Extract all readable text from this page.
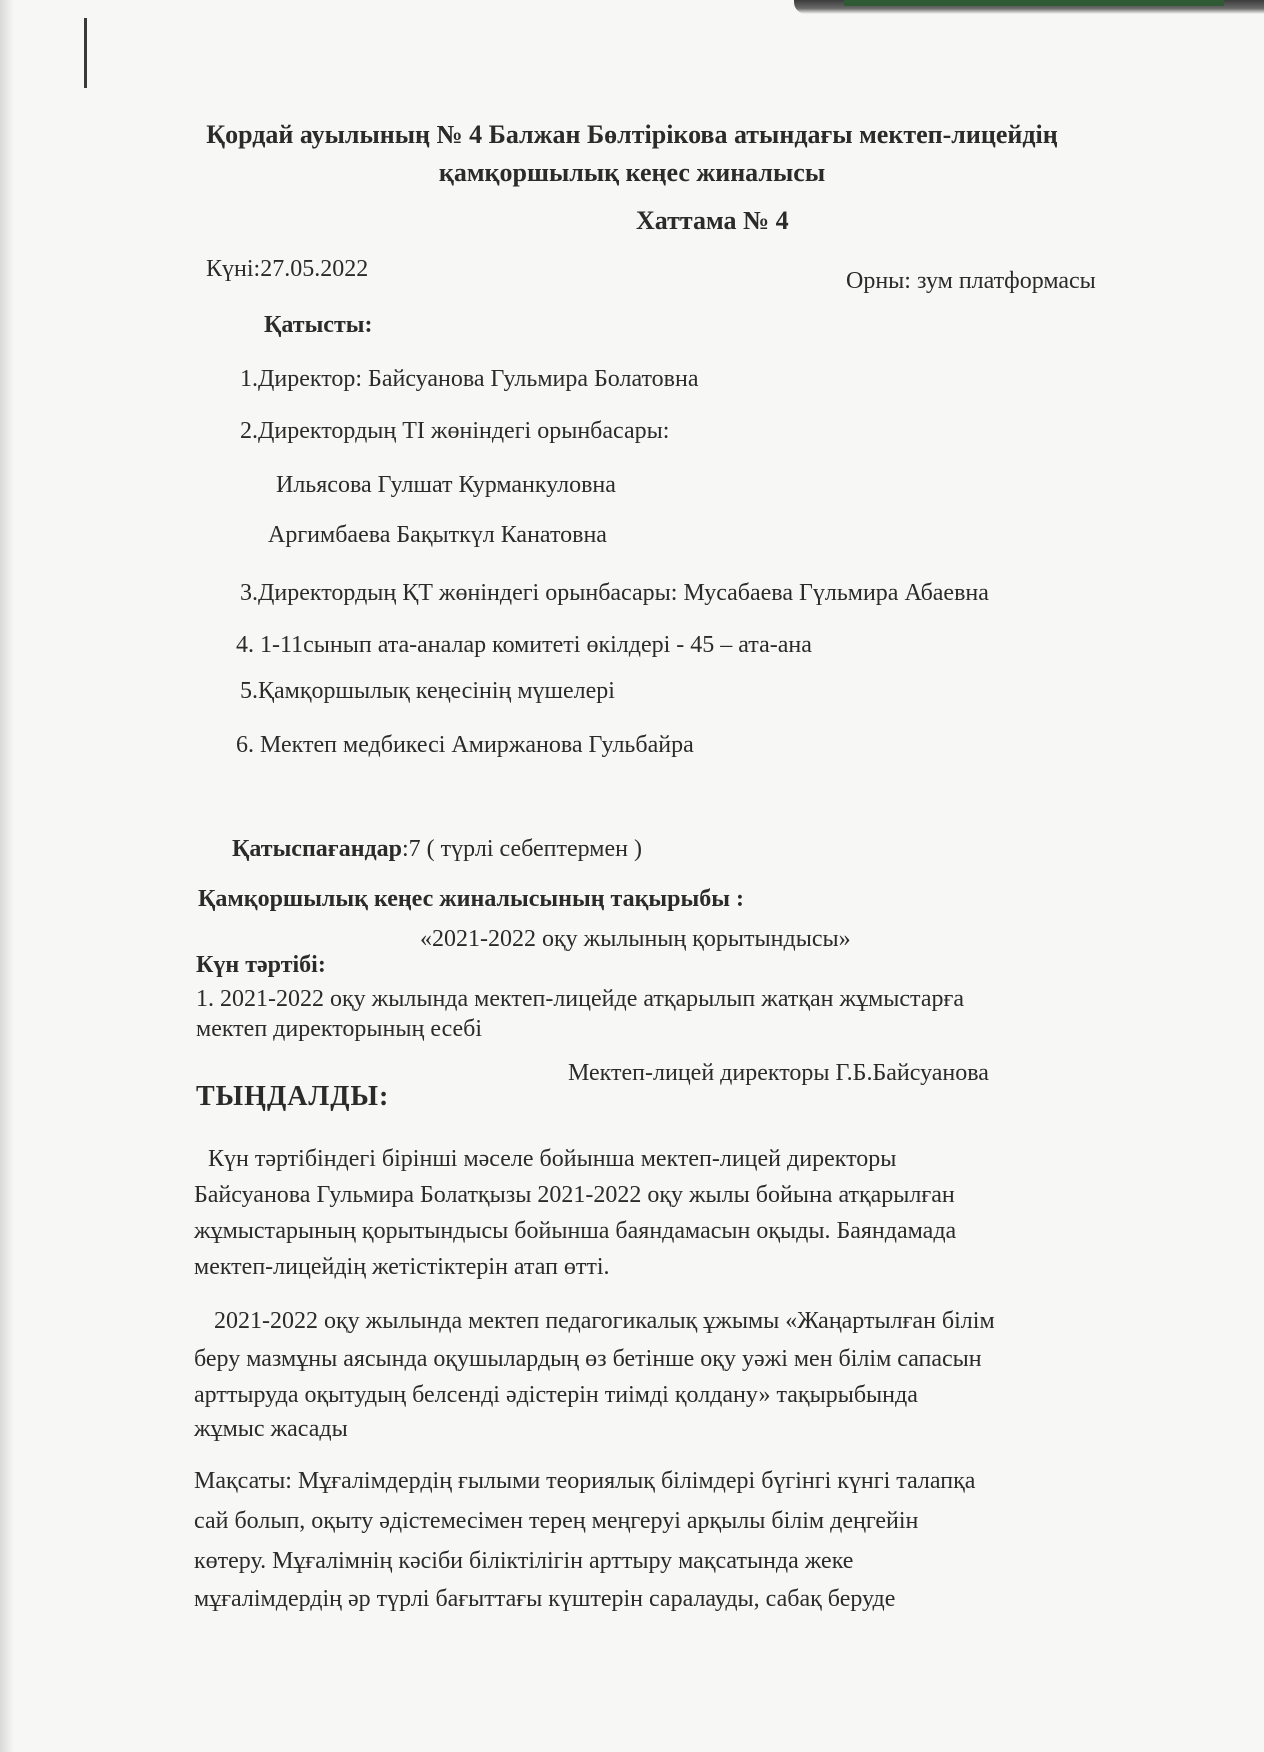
Қордай ауылының № 4 Балжан Бөлтірікова атындағы мектеп-лицейдің
қамқоршылық кеңес жиналысы
Хаттама № 4
Күні:27.05.2022	Орны: зум платформасы
Қатысты:
1.Директор: Байсуанова Гульмира Болатовна
2.Директордың ТІ жөніндегі орынбасары:
Ильясова Гулшат Курманкуловна
Аргимбаева Бақыткүл Канатовна
3.Директордың ҚТ жөніндегі орынбасары: Мусабаева Гүльмира Абаевна
4. 1-11сынып ата-аналар комитеті өкілдері - 45 – ата-ана
5.Қамқоршылық кеңесінің мүшелері
6. Мектеп медбикесі Амиржанова Гульбайра
Қатыспағандар:7 ( түрлі себептермен )
Қамқоршылық кеңес жиналысының тақырыбы :
«2021-2022 оқу жылының қорытындысы»
Күн тәртібі:
1. 2021-2022 оқу жылында мектеп-лицейде атқарылып жатқан жұмыстарға
мектеп директорының есебі
Мектеп-лицей директоры Г.Б.Байсуанова
ТЫҢДАЛДЫ:
Күн тәртібіндегі бірінші мәселе бойынша мектеп-лицей директоры
Байсуанова Гульмира Болатқызы 2021-2022 оқу жылы бойына атқарылған
жұмыстарының қорытындысы бойынша баяндамасын оқыды. Баяндамада
мектеп-лицейдің жетістіктерін атап өтті.
2021-2022 оқу жылында мектеп педагогикалық ұжымы «Жаңартылған білім
беру мазмұны аясында оқушылардың өз бетінше оқу уәжі мен білім сапасын
арттыруда оқытудың белсенді әдістерін тиімді қолдану» тақырыбында
жұмыс жасады
Мақсаты: Мұғалімдердің ғылыми теориялық білімдері бүгінгі күнгі талапқа
сай болып, оқыту әдістемесімен терең меңгеруі арқылы білім деңгейін
көтеру. Мұғалімнің кәсіби біліктілігін арттыру мақсатында жеке
мұғалімдердің әр түрлі бағыттағы күштерін саралауды, сабақ беруде
